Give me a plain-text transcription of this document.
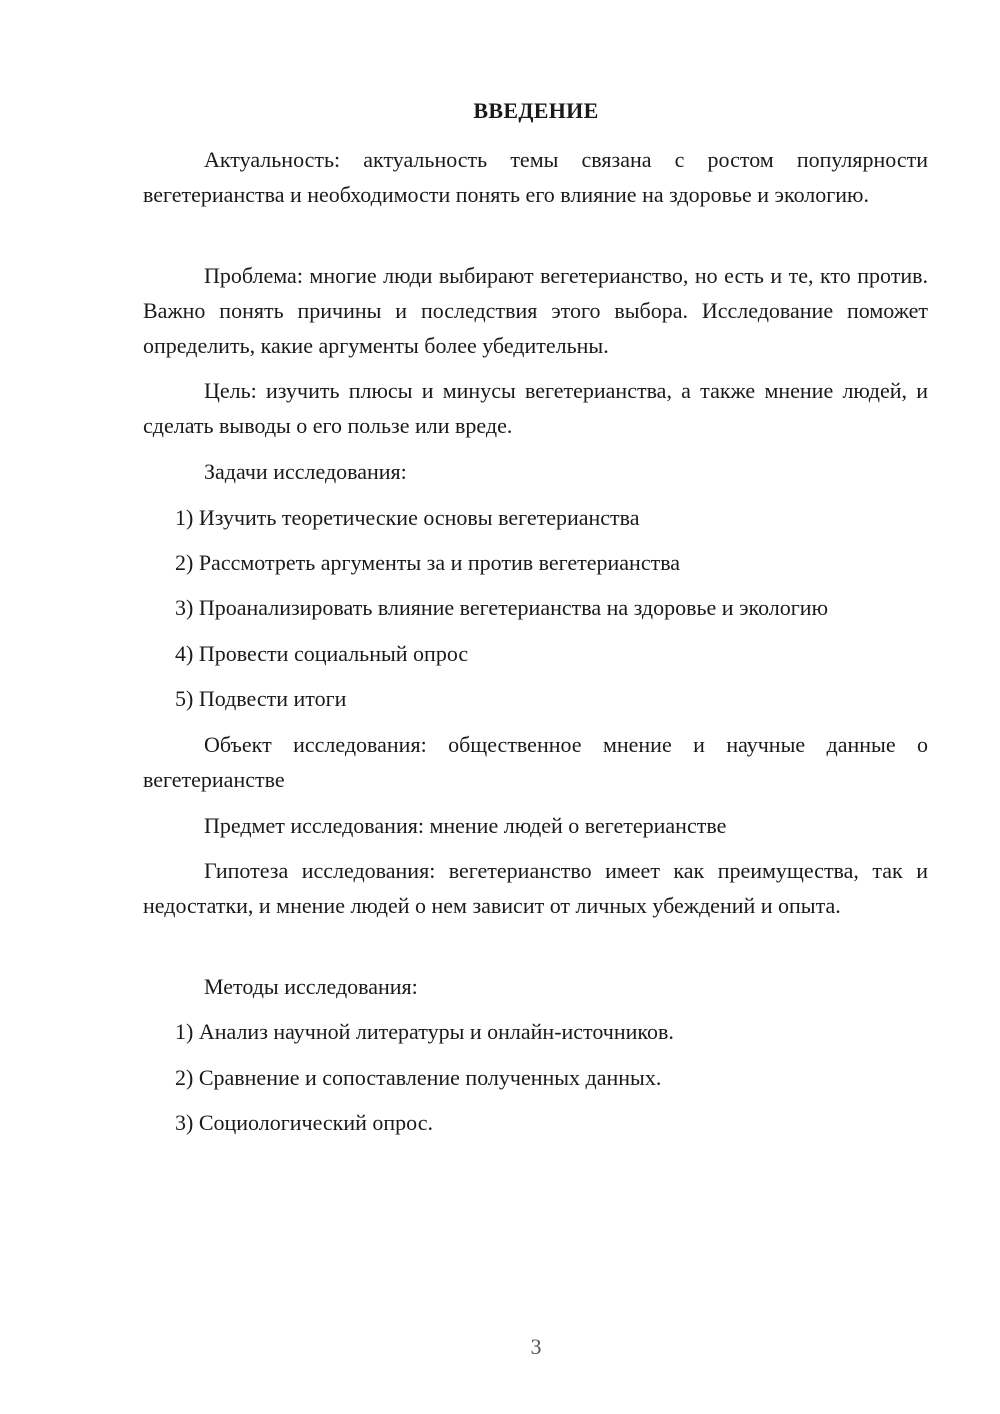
ВВЕДЕНИЕ

Актуальность: актуальность темы связана с ростом популярности вегетерианства и необходимости понять его влияние на здоровье и экологию.

Проблема: многие люди выбирают вегетерианство, но есть и те, кто против. Важно понять причины и последствия этого выбора. Исследование поможет определить, какие аргументы более убедительны.

Цель: изучить плюсы и минусы вегетерианства, а также мнение людей, и сделать выводы о его пользе или вреде.

Задачи исследования:

1) Изучить теоретические основы вегетерианства

2) Рассмотреть аргументы за и против вегетерианства

3) Проанализировать влияние вегетерианства на здоровье и экологию

4) Провести социальный опрос

5) Подвести итоги

Объект исследования: общественное мнение и научные данные о вегетерианстве

Предмет исследования: мнение людей о вегетерианстве

Гипотеза исследования: вегетерианство имеет как преимущества, так и недостатки, и мнение людей о нем зависит от личных убеждений и опыта.

Методы исследования:

1) Анализ научной литературы и онлайн-источников.

2) Сравнение и сопоставление полученных данных.

3) Социологический опрос.

3
